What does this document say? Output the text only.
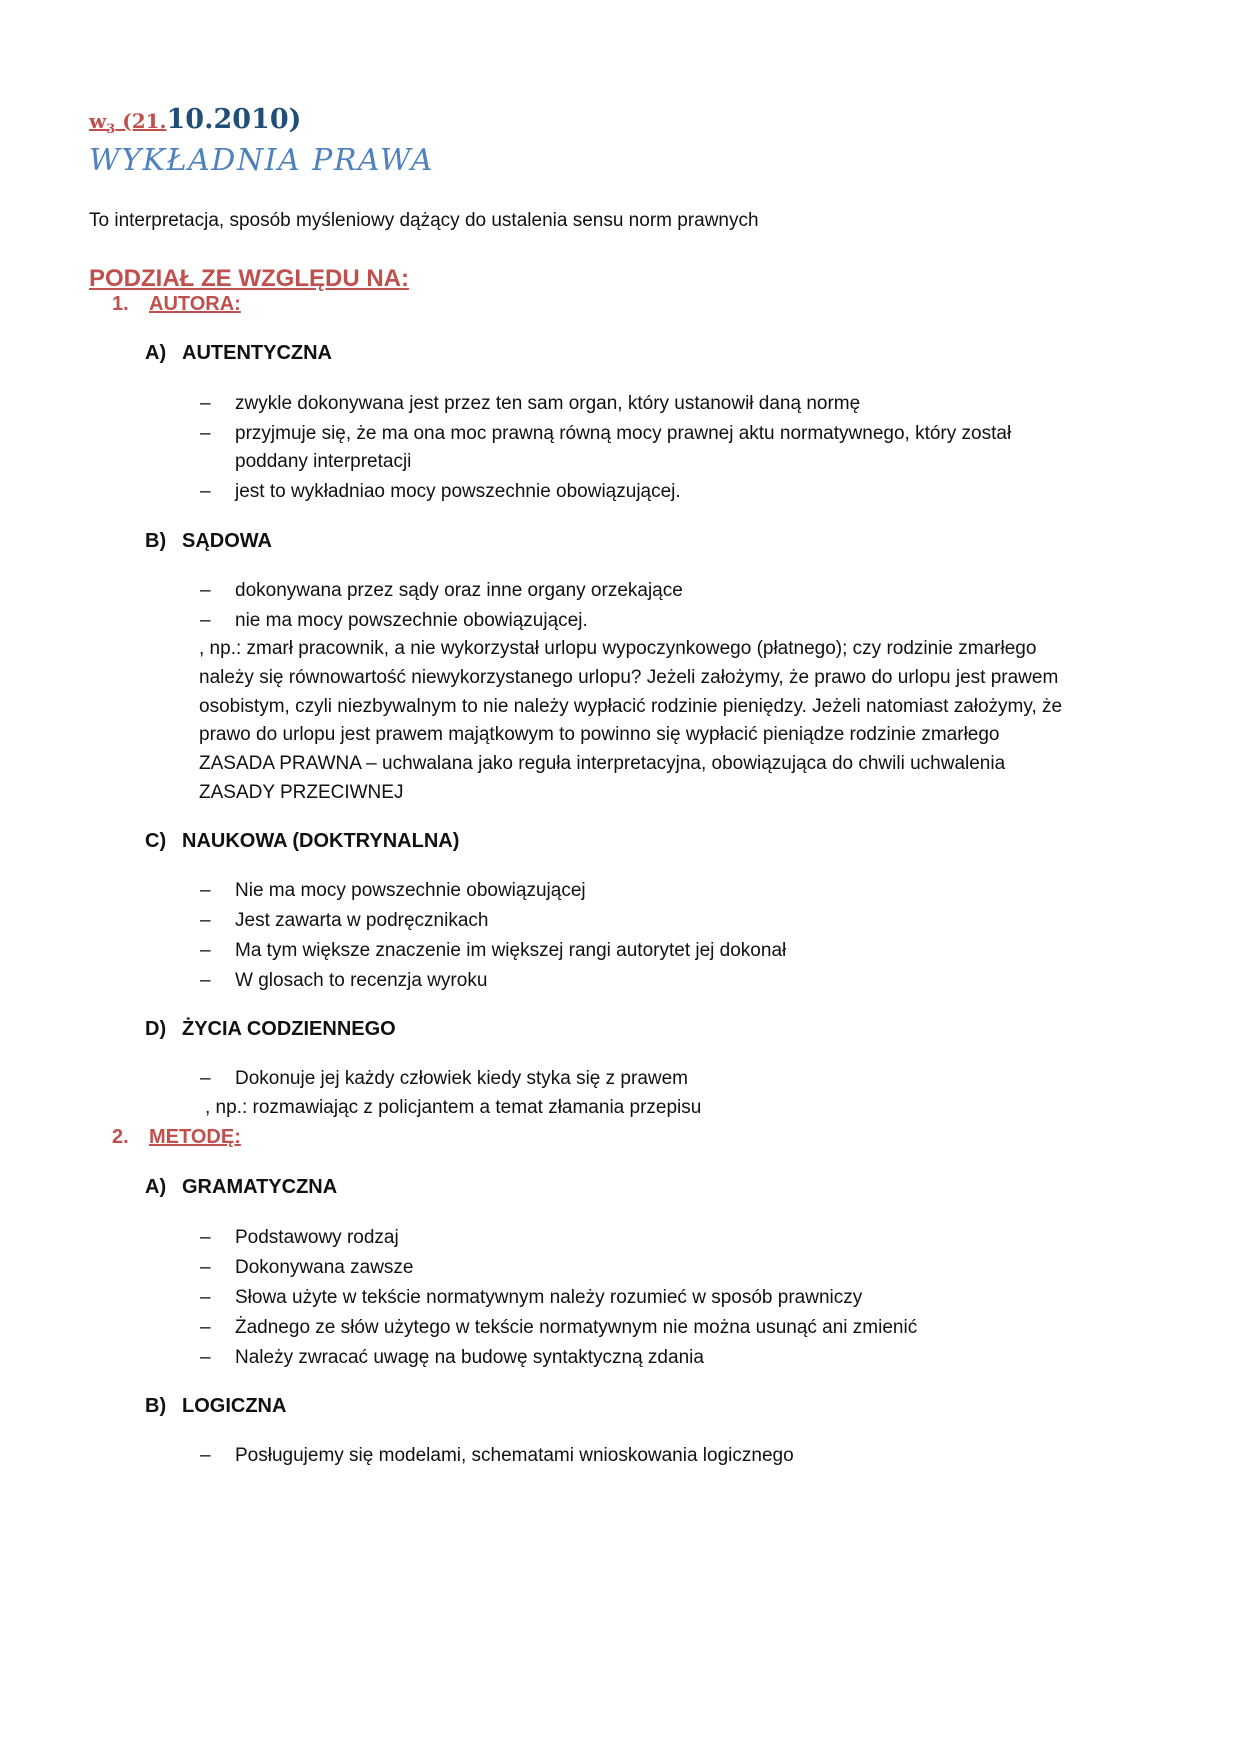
$w_3$ (21.10.2010)
WYKŁADNIA PRAWA
To interpretacja, sposób myśleniowy dążący do ustalenia sensu norm prawnych
PODZIAŁ ZE WZGLĘDU NA:
1. AUTORA:
A) AUTENTYCZNA
– zwykle dokonywana jest przez ten sam organ, który ustanowił daną normę
– przyjmuje się, że ma ona moc prawną równą mocy prawnej aktu normatywnego, który został
poddany interpretacji
– jest to wykładniao mocy powszechnie obowiązującej.
B) SĄDOWA
– dokonywana przez sądy oraz inne organy orzekające
– nie ma mocy powszechnie obowiązującej.
, np.: zmarł pracownik, a nie wykorzystał urlopu wypoczynkowego (płatnego); czy rodzinie zmarłego
należy się równowartość niewykorzystanego urlopu? Jeżeli założymy, że prawo do urlopu jest prawem
osobistym, czyli niezbywalnym to nie należy wypłacić rodzinie pieniędzy. Jeżeli natomiast założymy, że
prawo do urlopu jest prawem majątkowym to powinno się wypłacić pieniądze rodzinie zmarłego
ZASADA PRAWNA – uchwalana jako reguła interpretacyjna, obowiązująca do chwili uchwalenia
ZASADY PRZECIWNEJ
C) NAUKOWA (DOKTRYNALNA)
– Nie ma mocy powszechnie obowiązującej
– Jest zawarta w podręcznikach
– Ma tym większe znaczenie im większej rangi autorytet jej dokonał
– W glosach to recenzja wyroku
D) ŻYCIA CODZIENNEGO
– Dokonuje jej każdy człowiek kiedy styka się z prawem
, np.: rozmawiając z policjantem a temat złamania przepisu
2. METODĘ:
A) GRAMATYCZNA
– Podstawowy rodzaj
– Dokonywana zawsze
– Słowa użyte w tekście normatywnym należy rozumieć w sposób prawniczy
– Żadnego ze słów użytego w tekście normatywnym nie można usunąć ani zmienić
– Należy zwracać uwagę na budowę syntaktyczną zdania
B) LOGICZNA
– Posługujemy się modelami, schematami wnioskowania logicznego
